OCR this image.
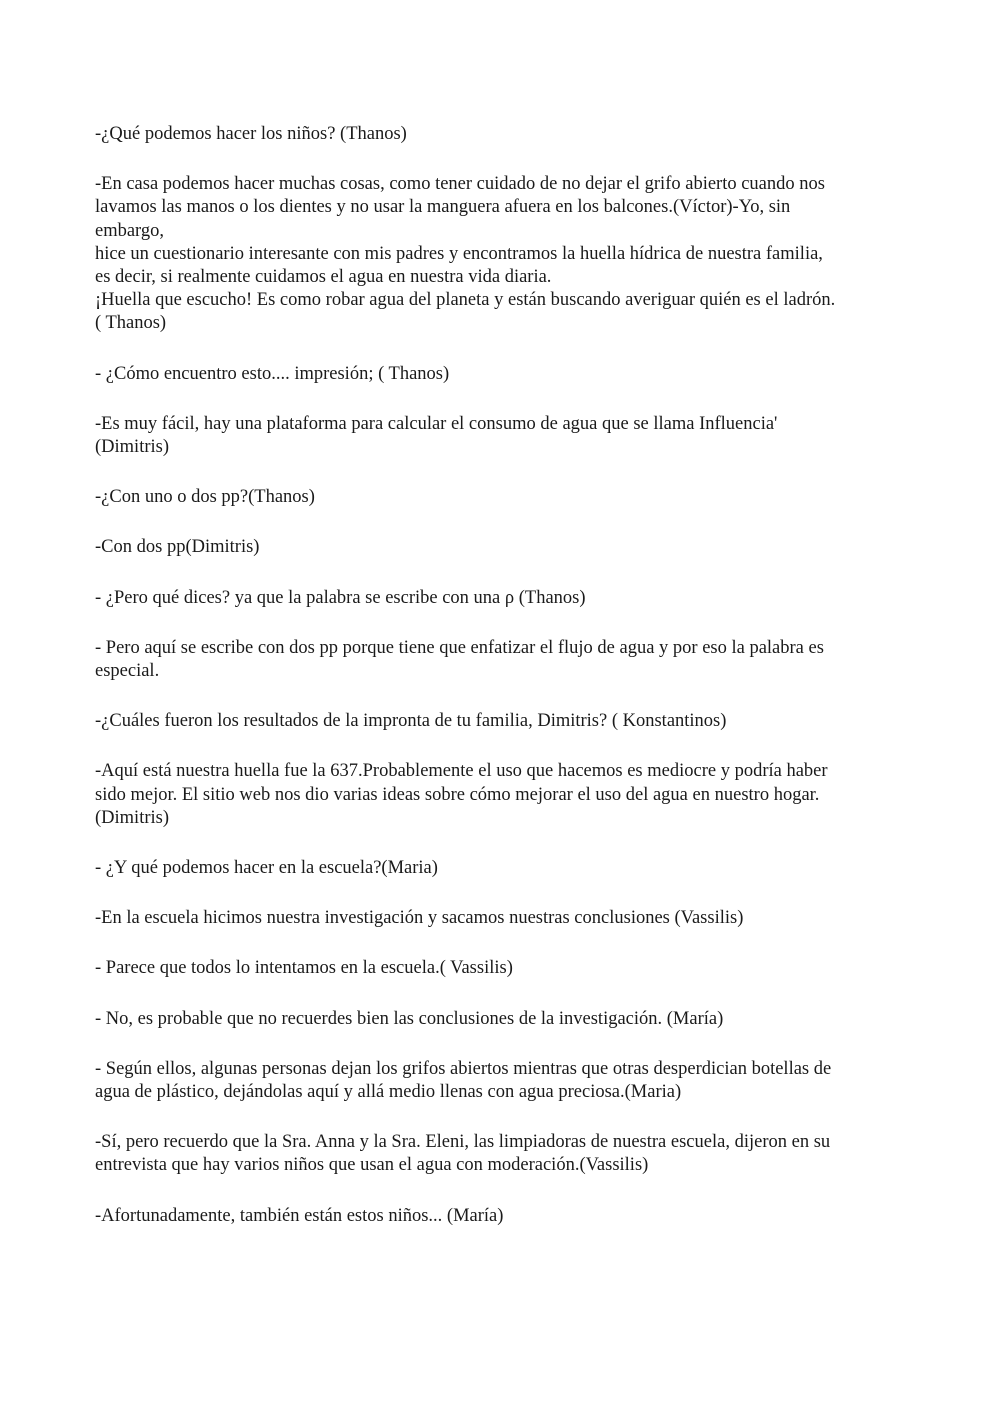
-¿Qué podemos hacer los niños? (Thanos)

-En casa podemos hacer muchas cosas, como tener cuidado de no dejar el grifo abierto cuando nos
lavamos las manos o los dientes y no usar la manguera afuera en los balcones.(Víctor)-Yo, sin
embargo,
hice un cuestionario interesante con mis padres y encontramos la huella hídrica de nuestra familia,
es decir, si realmente cuidamos el agua en nuestra vida diaria.
¡Huella que escucho! Es como robar agua del planeta y están buscando averiguar quién es el ladrón.
( Thanos)

- ¿Cómo encuentro esto.... impresión; ( Thanos)

-Es muy fácil, hay una plataforma para calcular el consumo de agua que se llama Influencia'
(Dimitris)

-¿Con uno o dos pp?(Thanos)

-Con dos pp(Dimitris)

- ¿Pero qué dices? ya que la palabra se escribe con una ρ (Thanos)

- Pero aquí se escribe con dos pp porque tiene que enfatizar el flujo de agua y por eso la palabra es
especial.

-¿Cuáles fueron los resultados de la impronta de tu familia, Dimitris? ( Konstantinos)

-Aquí está nuestra huella fue la 637.Probablemente el uso que hacemos es mediocre y podría haber
sido mejor. El sitio web nos dio varias ideas sobre cómo mejorar el uso del agua en nuestro hogar.
(Dimitris)

- ¿Y qué podemos hacer en la escuela?(Maria)

-En la escuela hicimos nuestra investigación y sacamos nuestras conclusiones (Vassilis)

- Parece que todos lo intentamos en la escuela.( Vassilis)

- No, es probable que no recuerdes bien las conclusiones de la investigación. (María)

- Según ellos, algunas personas dejan los grifos abiertos mientras que otras desperdician botellas de
agua de plástico, dejándolas aquí y allá medio llenas con agua preciosa.(Maria)

-Sí, pero recuerdo que la Sra. Anna y la Sra. Eleni, las limpiadoras de nuestra escuela, dijeron en su
entrevista que hay varios niños que usan el agua con moderación.(Vassilis)

-Afortunadamente, también están estos niños... (María)
